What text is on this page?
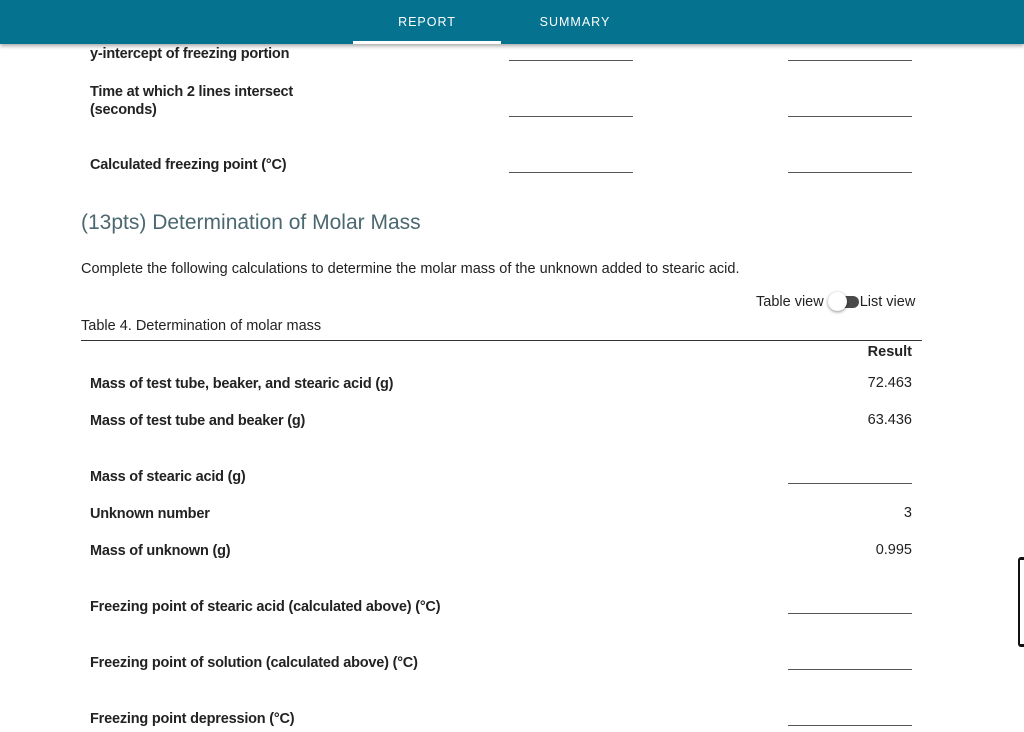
REPORT	SUMMARY
y-intercept of freezing portion
Time at which 2 lines intersect (seconds)
Calculated freezing point (°C)
(13pts) Determination of Molar Mass
Complete the following calculations to determine the molar mass of the unknown added to stearic acid.
Table view List view
Table 4. Determination of molar mass
Result
Mass of test tube, beaker, and stearic acid (g)	72.463
Mass of test tube and beaker (g)	63.436
Mass of stearic acid (g)
Unknown number	3
Mass of unknown (g)	0.995
Freezing point of stearic acid (calculated above) (°C)
Freezing point of solution (calculated above) (°C)
Freezing point depression (°C)
